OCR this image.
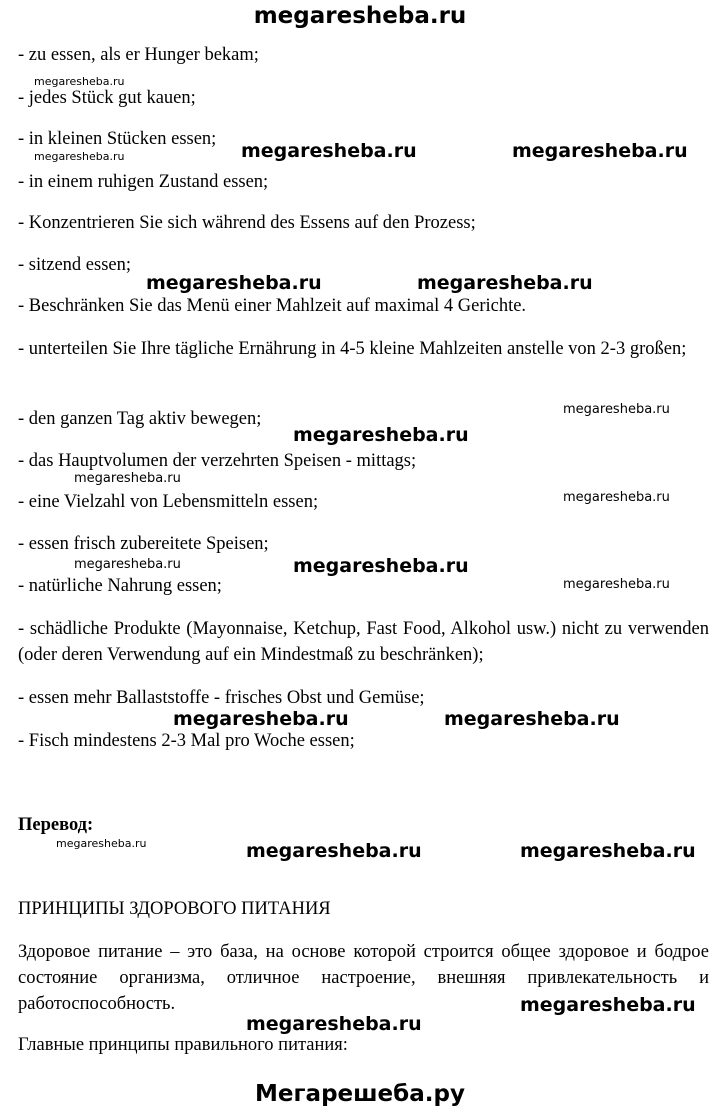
megaresheba.ru
- zu essen, als er Hunger bekam;
- jedes Stück gut kauen;
- in kleinen Stücken essen;
- in einem ruhigen Zustand essen;
- Konzentrieren Sie sich während des Essens auf den Prozess;
- sitzend essen;
- Beschränken Sie das Menü einer Mahlzeit auf maximal 4 Gerichte.
- unterteilen Sie Ihre tägliche Ernährung in 4-5 kleine Mahlzeiten anstelle von 2-3 großen;
- den ganzen Tag aktiv bewegen;
- das Hauptvolumen der verzehrten Speisen - mittags;
- eine Vielzahl von Lebensmitteln essen;
- essen frisch zubereitete Speisen;
- natürliche Nahrung essen;
- schädliche Produkte (Mayonnaise, Ketchup, Fast Food, Alkohol usw.) nicht zu verwenden (oder deren Verwendung auf ein Mindestmaß zu beschränken);
- essen mehr Ballaststoffe - frisches Obst und Gemüse;
- Fisch mindestens 2-3 Mal pro Woche essen;
Перевод:
ПРИНЦИПЫ ЗДОРОВОГО ПИТАНИЯ
Здоровое питание – это база, на основе которой строится общее здоровое и бодрое состояние организма, отличное настроение, внешняя привлекательность и работоспособность.
Главные принципы правильного питания:
megaresheba.ru
megaresheba.ru	megaresheba.ru	megaresheba.ru
megaresheba.ru	megaresheba.ru
megaresheba.ru
megaresheba.ru
megaresheba.ru
megaresheba.ru
megaresheba.ru	megaresheba.ru
megaresheba.ru
megaresheba.ru	megaresheba.ru
megaresheba.ru	megaresheba.ru	megaresheba.ru
megaresheba.ru
megaresheba.ru
Мегарешеба.ру
